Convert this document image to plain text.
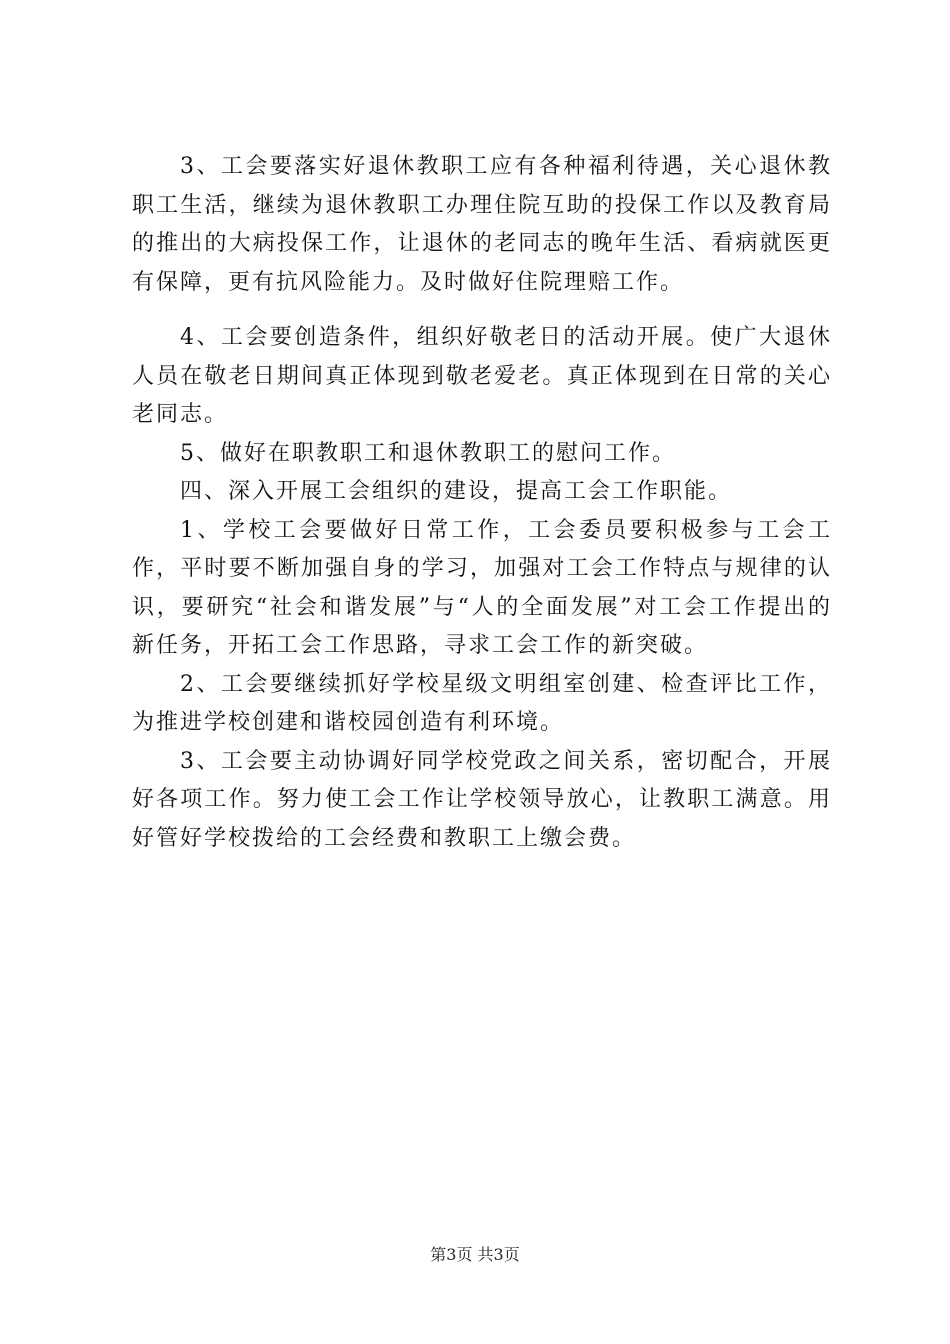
3、工会要落实好退休教职工应有各种福利待遇，关心退休教职工生活，继续为退休教职工办理住院互助的投保工作以及教育局的推出的大病投保工作，让退休的老同志的晚年生活、看病就医更有保障，更有抗风险能力。及时做好住院理赔工作。

4、工会要创造条件，组织好敬老日的活动开展。使广大退休人员在敬老日期间真正体现到敬老爱老。真正体现到在日常的关心老同志。

5、做好在职教职工和退休教职工的慰问工作。

四、深入开展工会组织的建设，提高工会工作职能。

1、学校工会要做好日常工作，工会委员要积极参与工会工作，平时要不断加强自身的学习，加强对工会工作特点与规律的认识，要研究“社会和谐发展”与“人的全面发展”对工会工作提出的新任务，开拓工会工作思路，寻求工会工作的新突破。

2、工会要继续抓好学校星级文明组室创建、检查评比工作，为推进学校创建和谐校园创造有利环境。

3、工会要主动协调好同学校党政之间关系，密切配合，开展好各项工作。努力使工会工作让学校领导放心，让教职工满意。用好管好学校拨给的工会经费和教职工上缴会费。

第3页 共3页
